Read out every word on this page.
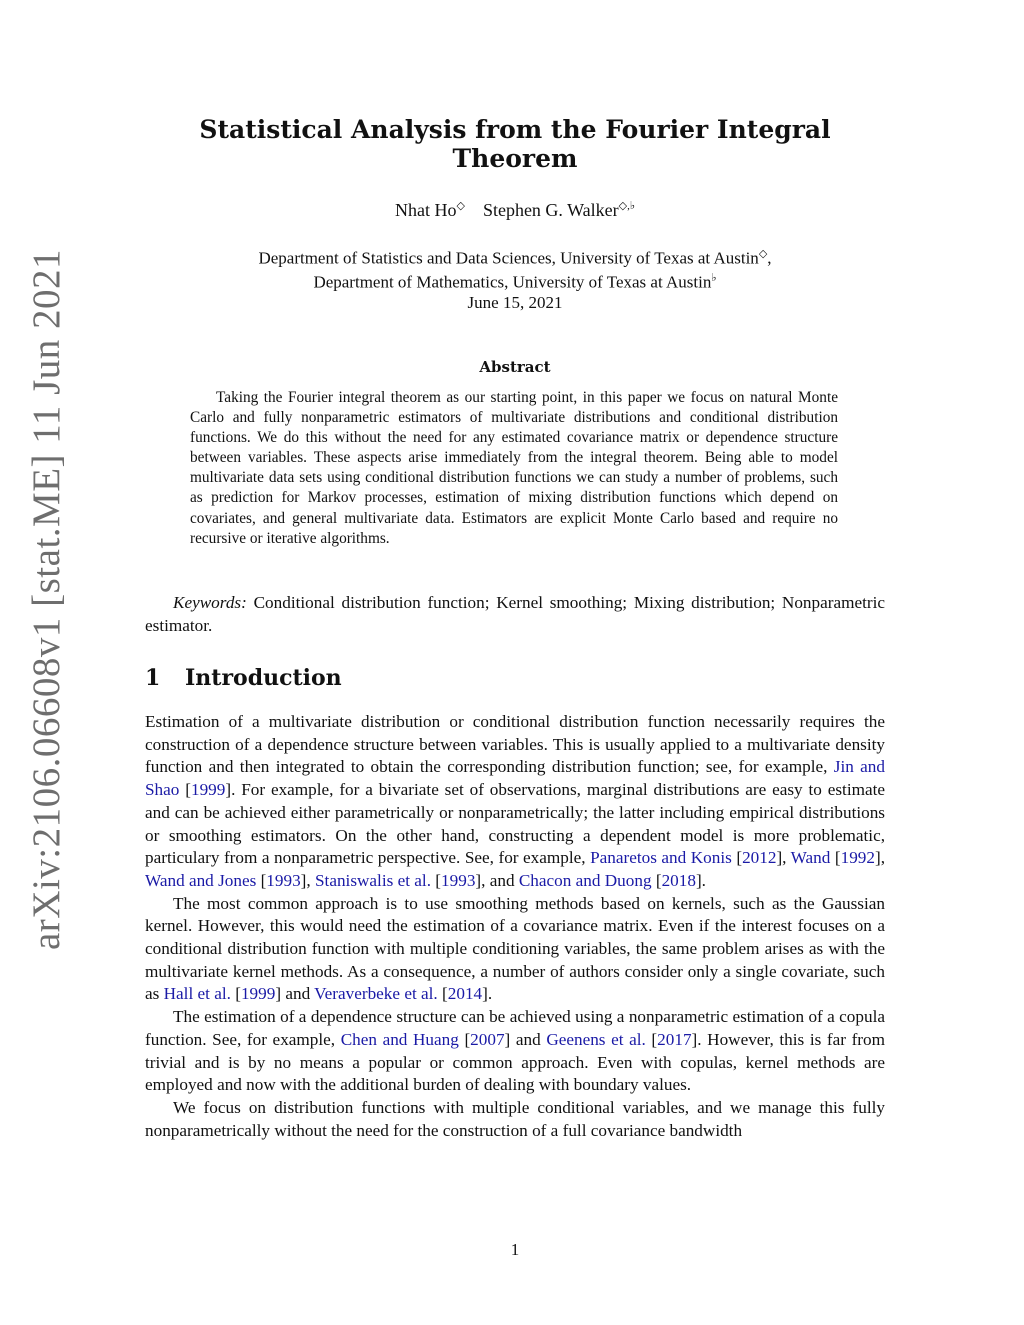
arXiv:2106.06608v1 [stat.ME] 11 Jun 2021
Statistical Analysis from the Fourier Integral Theorem
Nhat Ho◇ Stephen G. Walker◇,♭
Department of Statistics and Data Sciences, University of Texas at Austin◇,
Department of Mathematics, University of Texas at Austin♭
June 15, 2021
Abstract

Taking the Fourier integral theorem as our starting point, in this paper we focus on natural Monte Carlo and fully nonparametric estimators of multivariate distributions and conditional distribution functions. We do this without the need for any estimated covariance matrix or dependence structure between variables. These aspects arise immediately from the integral theorem. Being able to model multivariate data sets using conditional distribution functions we can study a number of problems, such as prediction for Markov processes, estimation of mixing distribution functions which depend on covariates, and general multivariate data. Estimators are explicit Monte Carlo based and require no recursive or iterative algorithms.

Keywords: Conditional distribution function; Kernel smoothing; Mixing distribution; Nonparametric estimator.

1 Introduction

Estimation of a multivariate distribution or conditional distribution function necessarily requires the construction of a dependence structure between variables. This is usually applied to a multivariate density function and then integrated to obtain the corresponding distribution function; see, for example, Jin and Shao [1999]. For example, for a bivariate set of observations, marginal distributions are easy to estimate and can be achieved either parametrically or nonparametrically; the latter including empirical distributions or smoothing estimators. On the other hand, constructing a dependent model is more problematic, particulary from a nonparametric perspective. See, for example, Panaretos and Konis [2012], Wand [1992], Wand and Jones [1993], Staniswalis et al. [1993], and Chacon and Duong [2018].

The most common approach is to use smoothing methods based on kernels, such as the Gaussian kernel. However, this would need the estimation of a covariance matrix. Even if the interest focuses on a conditional distribution function with multiple conditioning variables, the same problem arises as with the multivariate kernel methods. As a consequence, a number of authors consider only a single covariate, such as Hall et al. [1999] and Veraverbeke et al. [2014].

The estimation of a dependence structure can be achieved using a nonparametric estimation of a copula function. See, for example, Chen and Huang [2007] and Geenens et al. [2017]. However, this is far from trivial and is by no means a popular or common approach. Even with copulas, kernel methods are employed and now with the additional burden of dealing with boundary values.

We focus on distribution functions with multiple conditional variables, and we manage this fully nonparametrically without the need for the construction of a full covariance bandwidth

1
